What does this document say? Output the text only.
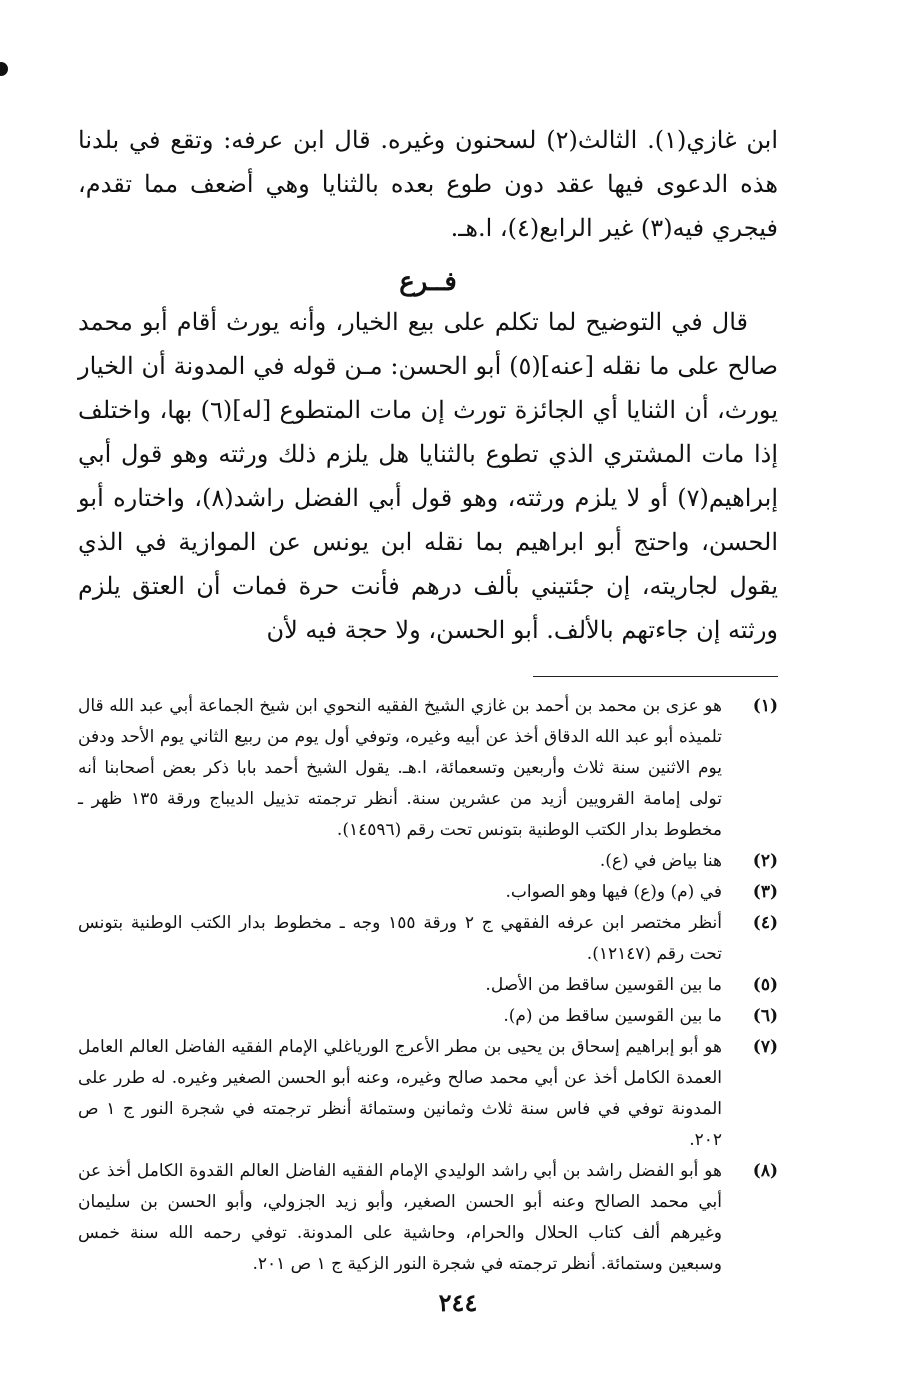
ابن غازي(١). الثالث(٢) لسحنون وغيره. قال ابن عرفه: وتقع في بلدنا هذه الدعوى فيها عقد دون طوع بعده بالثنايا وهي أضعف مما تقدم، فيجري فيه(٣) غير الرابع(٤)، ا.هـ.

فــرع

قال في التوضيح لما تكلم على بيع الخيار، وأنه يورث أقام أبو محمد صالح على ما نقله [عنه](٥) أبو الحسن: مـن قوله في المدونة أن الخيار يورث، أن الثنايا أي الجائزة تورث إن مات المتطوع [له](٦) بها، واختلف إذا مات المشتري الذي تطوع بالثنايا هل يلزم ذلك ورثته وهو قول أبي إبراهيم(٧) أو لا يلزم ورثته، وهو قول أبي الفضل راشد(٨)، واختاره أبو الحسن، واحتج أبو ابراهيم بما نقله ابن يونس عن الموازية في الذي يقول لجاريته، إن جئتيني بألف درهم فأنت حرة فمات أن العتق يلزم ورثته إن جاءتهم بالألف. أبو الحسن، ولا حجة فيه لأن

(١)
هو عزى بن محمد بن أحمد بن غازي الشيخ الفقيه النحوي ابن شيخ الجماعة أبي عبد الله قال تلميذه أبو عبد الله الدقاق أخذ عن أبيه وغيره، وتوفي أول يوم من ربيع الثاني يوم الأحد ودفن يوم الاثنين سنة ثلاث وأربعين وتسعمائة، ا.هـ. يقول الشيخ أحمد بابا ذكر بعض أصحابنا أنه تولى إمامة القرويين أزيد من عشرين سنة. أنظر ترجمته تذييل الديباج ورقة ١٣٥ ظهر ـ مخطوط بدار الكتب الوطنية بتونس تحت رقم (١٤٥٩٦).
(٢)
هنا بياض في (ع).
(٣)
في (م) و(ع) فيها وهو الصواب.
(٤)
أنظر مختصر ابن عرفه الفقهي ج ٢ ورقة ١٥٥ وجه ـ مخطوط بدار الكتب الوطنية بتونس تحت رقم (١٢١٤٧).
(٥)
ما بين القوسين ساقط من الأصل.
(٦)
ما بين القوسين ساقط من (م).
(٧)
هو أبو إبراهيم إسحاق بن يحيى بن مطر الأعرج الورياغلي الإمام الفقيه الفاضل العالم العامل العمدة الكامل أخذ عن أبي محمد صالح وغيره، وعنه أبو الحسن الصغير وغيره. له طرر على المدونة توفي في فاس سنة ثلاث وثمانين وستمائة أنظر ترجمته في شجرة النور ج ١ ص ٢٠٢.
(٨)
هو أبو الفضل راشد بن أبي راشد الوليدي الإمام الفقيه الفاضل العالم القدوة الكامل أخذ عن أبي محمد الصالح وعنه أبو الحسن الصغير، وأبو زيد الجزولي، وأبو الحسن بن سليمان وغيرهم ألف كتاب الحلال والحرام، وحاشية على المدونة. توفي رحمه الله سنة خمس وسبعين وستمائة. أنظر ترجمته في شجرة النور الزكية ج ١ ص ٢٠١.
٢٤٤
